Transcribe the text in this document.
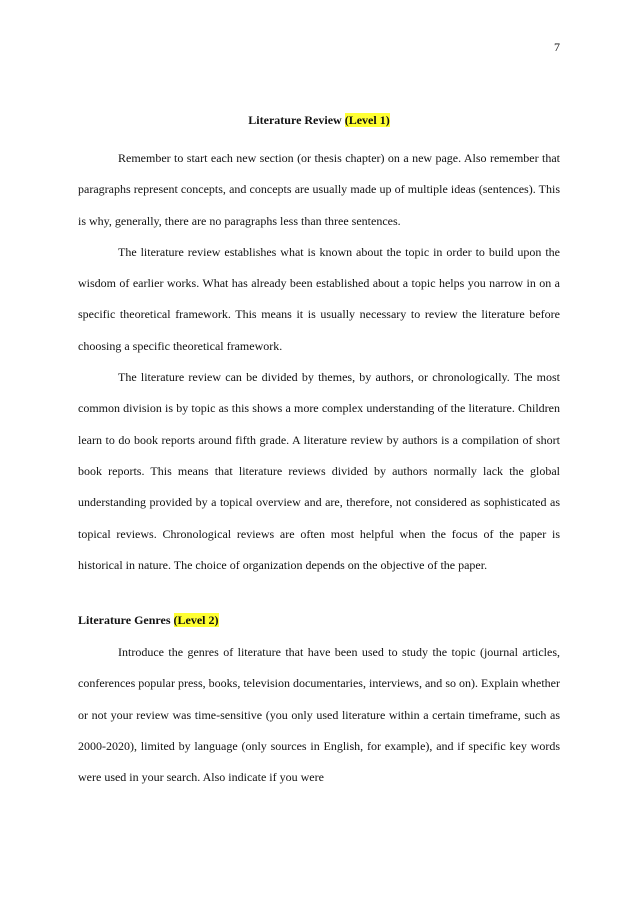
7
Literature Review (Level 1)

Remember to start each new section (or thesis chapter) on a new page. Also remember that paragraphs represent concepts, and concepts are usually made up of multiple ideas (sentences). This is why, generally, there are no paragraphs less than three sentences.

The literature review establishes what is known about the topic in order to build upon the wisdom of earlier works. What has already been established about a topic helps you narrow in on a specific theoretical framework. This means it is usually necessary to review the literature before choosing a specific theoretical framework.

The literature review can be divided by themes, by authors, or chronologically. The most common division is by topic as this shows a more complex understanding of the literature. Children learn to do book reports around fifth grade. A literature review by authors is a compilation of short book reports. This means that literature reviews divided by authors normally lack the global understanding provided by a topical overview and are, therefore, not considered as sophisticated as topical reviews. Chronological reviews are often most helpful when the focus of the paper is historical in nature. The choice of organization depends on the objective of the paper.

Literature Genres (Level 2)

Introduce the genres of literature that have been used to study the topic (journal articles, conferences popular press, books, television documentaries, interviews, and so on). Explain whether or not your review was time-sensitive (you only used literature within a certain timeframe, such as 2000-2020), limited by language (only sources in English, for example), and if specific key words were used in your search. Also indicate if you were
